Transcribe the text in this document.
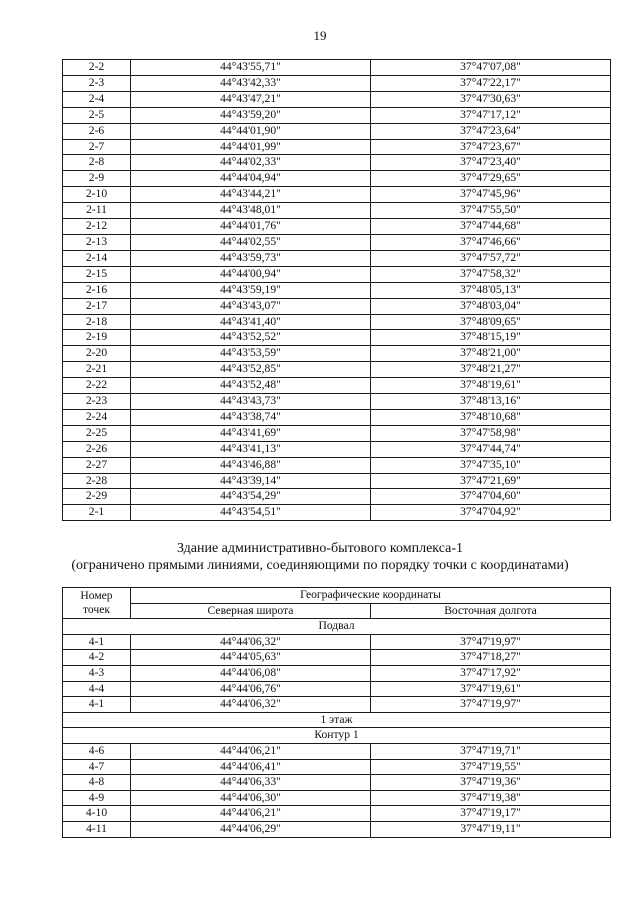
19
2-2	44°43'55,71"	37°47'07,08"
2-3	44°43'42,33"	37°47'22,17"
2-4	44°43'47,21"	37°47'30,63"
2-5	44°43'59,20"	37°47'17,12"
2-6	44°44'01,90"	37°47'23,64"
2-7	44°44'01,99"	37°47'23,67"
2-8	44°44'02,33"	37°47'23,40"
2-9	44°44'04,94"	37°47'29,65"
2-10	44°43'44,21"	37°47'45,96"
2-11	44°43'48,01"	37°47'55,50"
2-12	44°44'01,76"	37°47'44,68"
2-13	44°44'02,55"	37°47'46,66"
2-14	44°43'59,73"	37°47'57,72"
2-15	44°44'00,94"	37°47'58,32"
2-16	44°43'59,19"	37°48'05,13"
2-17	44°43'43,07"	37°48'03,04"
2-18	44°43'41,40"	37°48'09,65"
2-19	44°43'52,52"	37°48'15,19"
2-20	44°43'53,59"	37°48'21,00"
2-21	44°43'52,85"	37°48'21,27"
2-22	44°43'52,48"	37°48'19,61"
2-23	44°43'43,73"	37°48'13,16"
2-24	44°43'38,74"	37°48'10,68"
2-25	44°43'41,69"	37°47'58,98"
2-26	44°43'41,13"	37°47'44,74"
2-27	44°43'46,88"	37°47'35,10"
2-28	44°43'39,14"	37°47'21,69"
2-29	44°43'54,29"	37°47'04,60"
2-1	44°43'54,51"	37°47'04,92"
Здание административно-бытового комплекса-1
(ограничено прямыми линиями, соединяющими по порядку точки с координатами)
Номер
точек	Географические координаты	
	Северная широта	Восточная долгота
Подвал		
4-1	44°44'06,32"	37°47'19,97"
4-2	44°44'05,63"	37°47'18,27"
4-3	44°44'06,08"	37°47'17,92"
4-4	44°44'06,76"	37°47'19,61"
4-1	44°44'06,32"	37°47'19,97"
1 этаж		
Контур 1		
4-6	44°44'06,21"	37°47'19,71"
4-7	44°44'06,41"	37°47'19,55"
4-8	44°44'06,33"	37°47'19,36"
4-9	44°44'06,30"	37°47'19,38"
4-10	44°44'06,21"	37°47'19,17"
4-11	44°44'06,29"	37°47'19,11"
